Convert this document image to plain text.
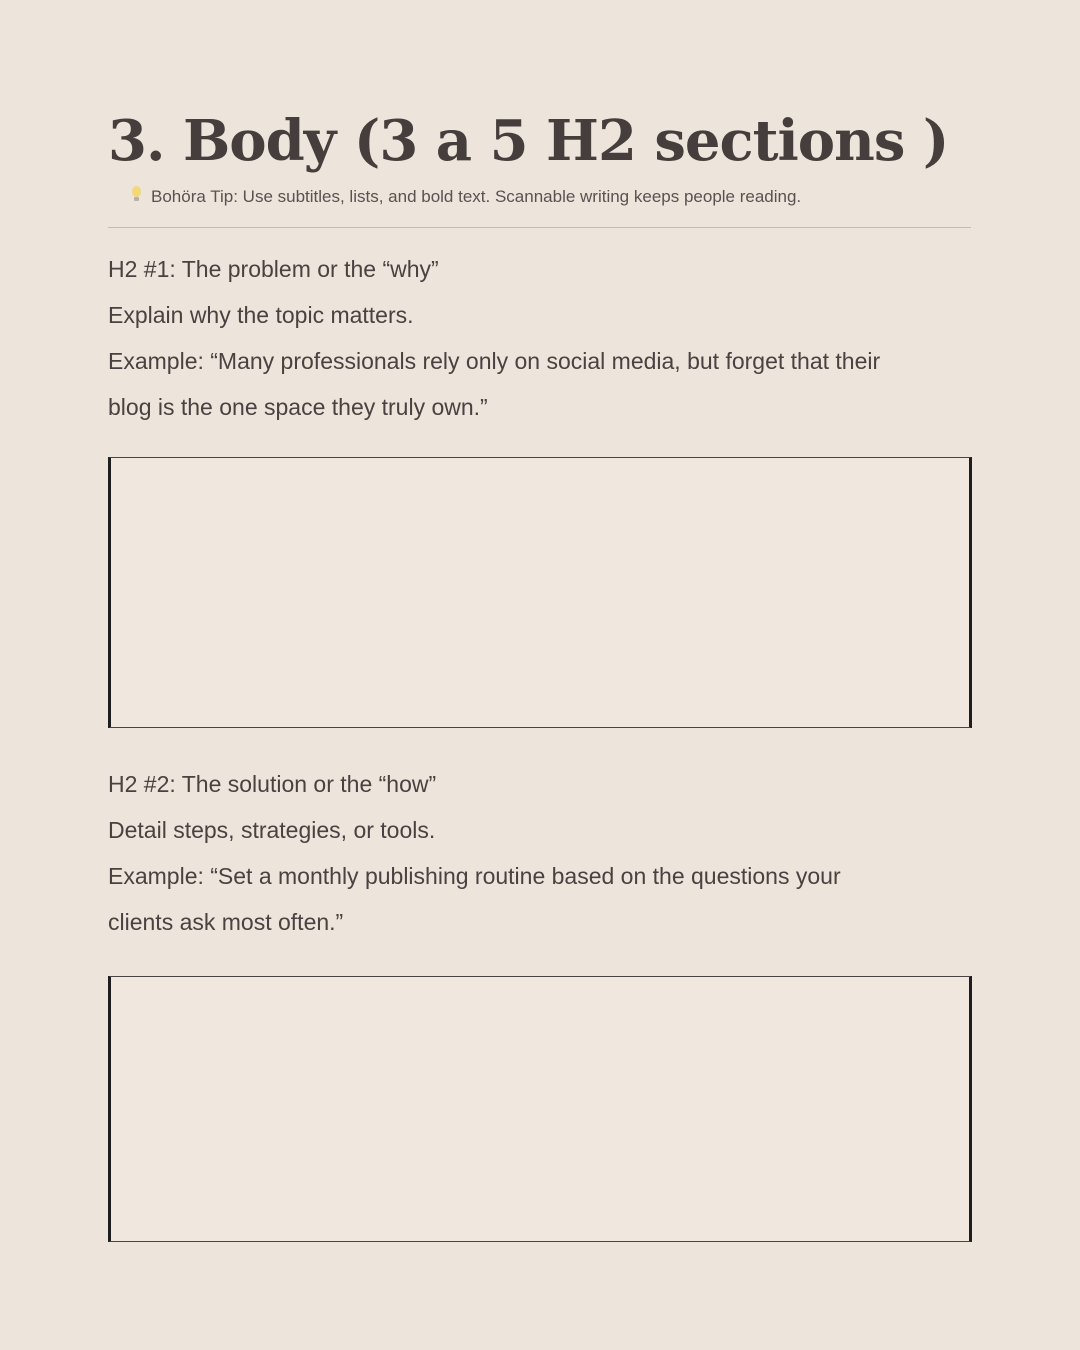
3. Body (3 a 5 H2 sections )
Bohöra Tip: Use subtitles, lists, and bold text. Scannable writing keeps people reading.

H2 #1: The problem or the “why”

Explain why the topic matters.

Example: “Many professionals rely only on social media, but forget that their

blog is the one space they truly own.”

H2 #2: The solution or the “how”

Detail steps, strategies, or tools.

Example: “Set a monthly publishing routine based on the questions your

clients ask most often.”
